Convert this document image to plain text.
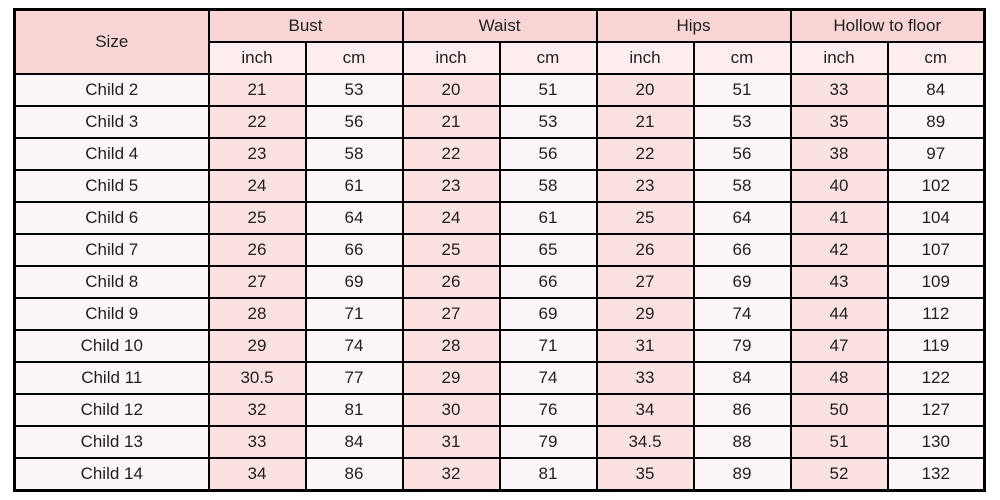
Size	Bust		Waist		Hips		Hollow to floor	
	inch	cm	inch	cm	inch	cm	inch	cm
Child 2	21	53	20	51	20	51	33	84
Child 3	22	56	21	53	21	53	35	89
Child 4	23	58	22	56	22	56	38	97
Child 5	24	61	23	58	23	58	40	102
Child 6	25	64	24	61	25	64	41	104
Child 7	26	66	25	65	26	66	42	107
Child 8	27	69	26	66	27	69	43	109
Child 9	28	71	27	69	29	74	44	112
Child 10	29	74	28	71	31	79	47	119
Child 11	30.5	77	29	74	33	84	48	122
Child 12	32	81	30	76	34	86	50	127
Child 13	33	84	31	79	34.5	88	51	130
Child 14	34	86	32	81	35	89	52	132
